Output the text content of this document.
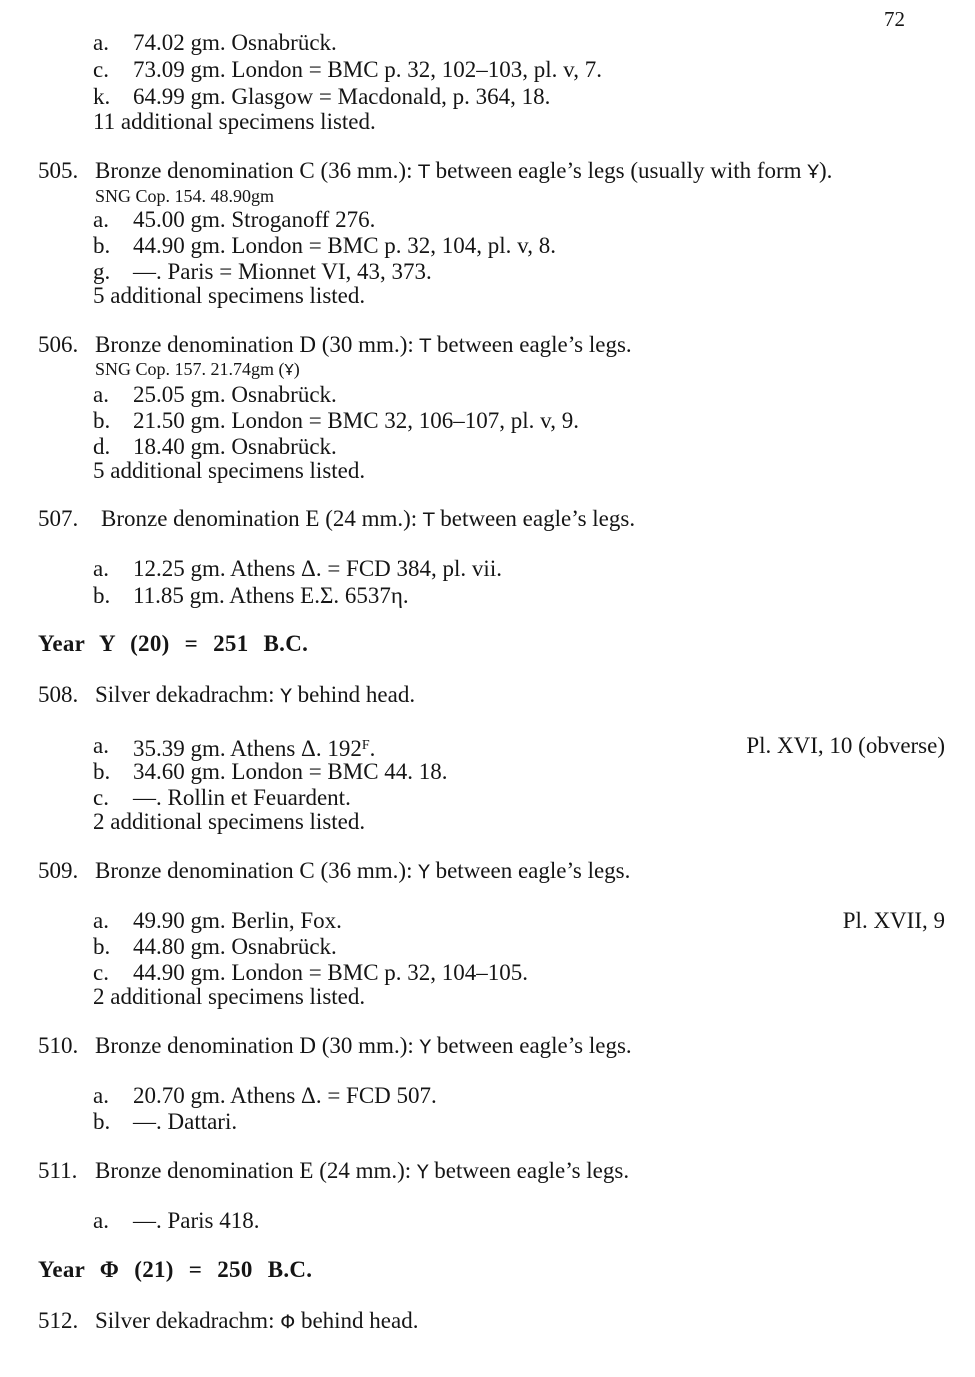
72
a. 74.02 gm. Osnabrück.
c. 73.09 gm. London = BMC p. 32, 102–103, pl. v, 7.
k. 64.99 gm. Glasgow = Macdonald, p. 364, 18.
11 additional specimens listed.
505. Bronze denomination C (36 mm.): Τ between eagle’s legs (usually with form Ұ).
SNG Cop. 154. 48.90gm
a. 45.00 gm. Stroganoff 276.
b. 44.90 gm. London = BMC p. 32, 104, pl. v, 8.
g. —. Paris = Mionnet VI, 43, 373.
5 additional specimens listed.
506. Bronze denomination D (30 mm.): Τ between eagle’s legs.
SNG Cop. 157. 21.74gm (Ұ)
a. 25.05 gm. Osnabrück.
b. 21.50 gm. London = BMC 32, 106–107, pl. v, 9.
d. 18.40 gm. Osnabrück.
5 additional specimens listed.
507. Bronze denomination E (24 mm.): Τ between eagle’s legs.
a. 12.25 gm. Athens Δ. = FCD 384, pl. vii.
b. 11.85 gm. Athens Ε.Σ. 6537η.
Year Y (20) = 251 B.C.
508. Silver dekadrachm: Υ behind head.
a. 35.39 gm. Athens Δ. 192$^F$.	Pl. XVI, 10 (obverse)
b. 34.60 gm. London = BMC 44. 18.
c. —. Rollin et Feuardent.
2 additional specimens listed.
509. Bronze denomination C (36 mm.): Υ between eagle’s legs.
a. 49.90 gm. Berlin, Fox.	Pl. XVII, 9
b. 44.80 gm. Osnabrück.
c. 44.90 gm. London = BMC p. 32, 104–105.
2 additional specimens listed.
510. Bronze denomination D (30 mm.): Υ between eagle’s legs.
a. 20.70 gm. Athens Δ. = FCD 507.
b. —. Dattari.
511. Bronze denomination E (24 mm.): Υ between eagle’s legs.
a. —. Paris 418.
Year Φ (21) = 250 B.C.
512. Silver dekadrachm: Φ behind head.
